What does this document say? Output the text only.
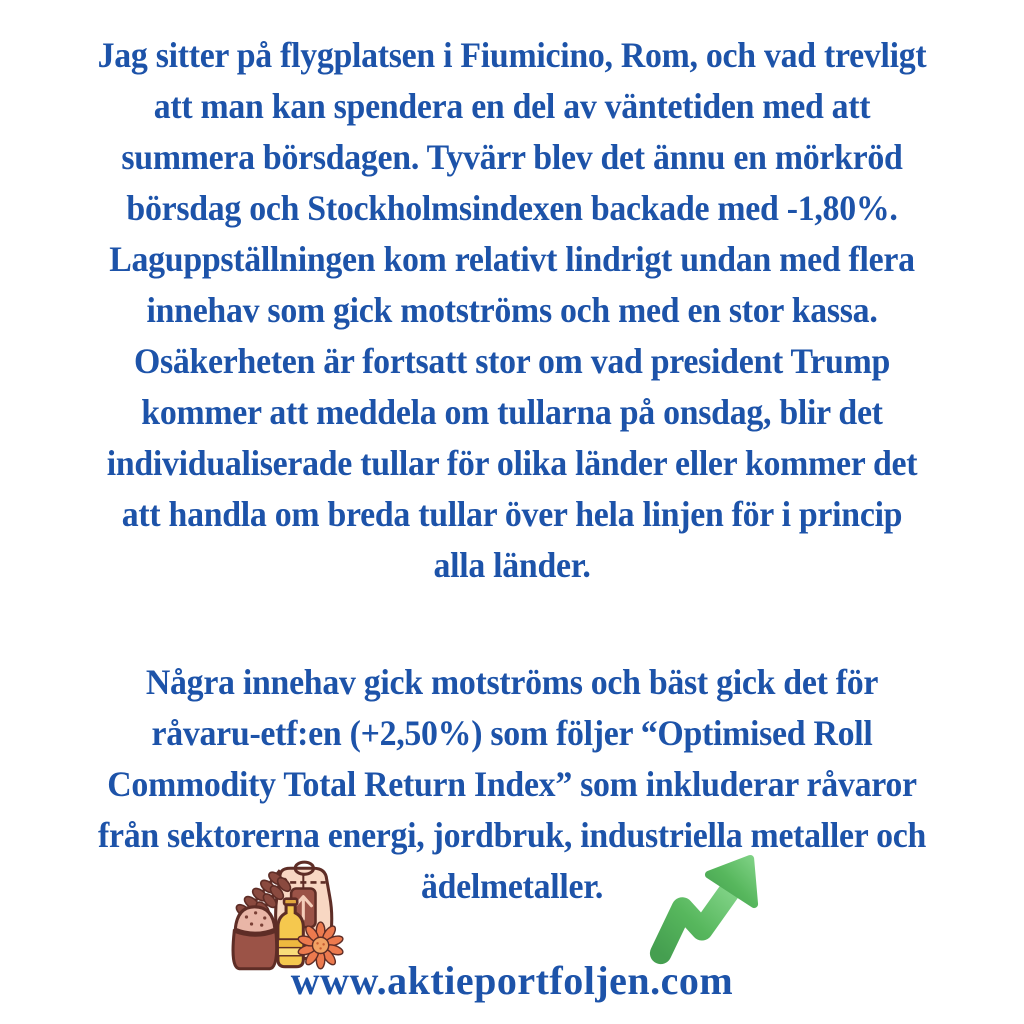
Jag sitter på flygplatsen i Fiumicino, Rom, och vad trevligt
att man kan spendera en del av väntetiden med att
summera börsdagen. Tyvärr blev det ännu en mörkröd
börsdag och Stockholmsindexen backade med -1,80%.
Laguppställningen kom relativt lindrigt undan med flera
innehav som gick motströms och med en stor kassa.
Osäkerheten är fortsatt stor om vad president Trump
kommer att meddela om tullarna på onsdag, blir det
individualiserade tullar för olika länder eller kommer det
att handla om breda tullar över hela linjen för i princip
alla länder.
Några innehav gick motströms och bäst gick det för
råvaru-etf:en (+2,50%) som följer “Optimised Roll
Commodity Total Return Index” som inkluderar råvaror
från sektorerna energi, jordbruk, industriella metaller och
ädelmetaller.
www.aktieportfoljen.com
